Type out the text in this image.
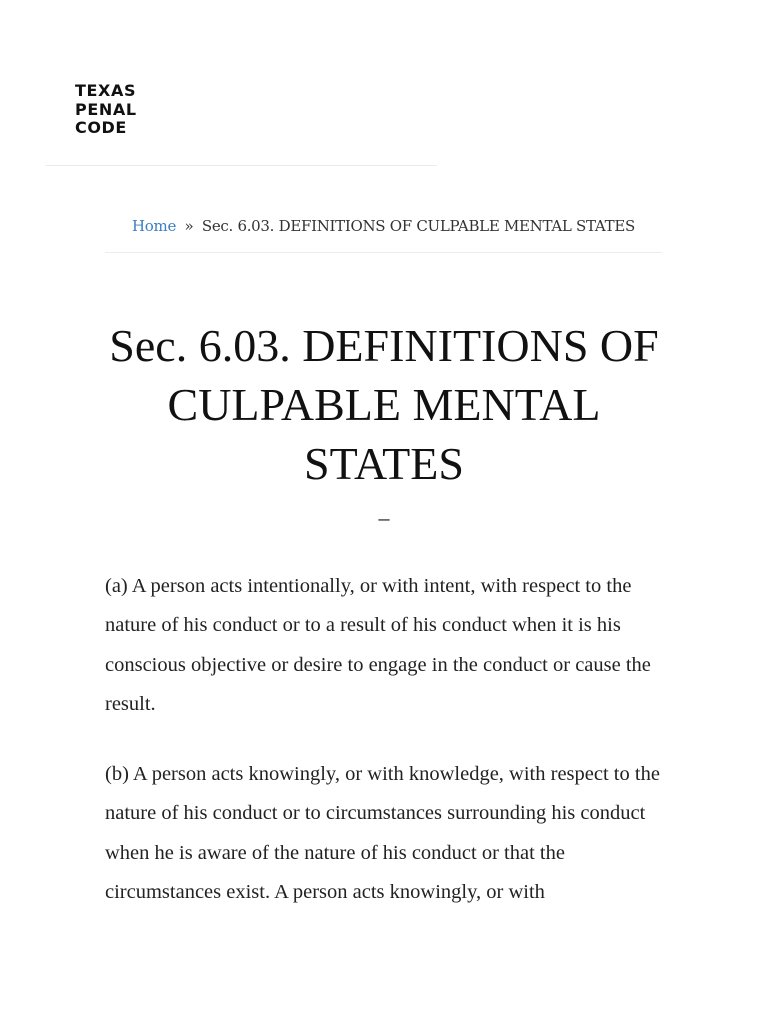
TEXAS
PENAL
CODE
Home » Sec. 6.03. DEFINITIONS OF CULPABLE MENTAL STATES
Sec. 6.03. DEFINITIONS OF CULPABLE MENTAL STATES
–

(a) A person acts intentionally, or with intent, with respect to the nature of his conduct or to a result of his conduct when it is his conscious objective or desire to engage in the conduct or cause the result.

(b) A person acts knowingly, or with knowledge, with respect to the nature of his conduct or to circumstances surrounding his conduct when he is aware of the nature of his conduct or that the circumstances exist. A person acts knowingly, or with
